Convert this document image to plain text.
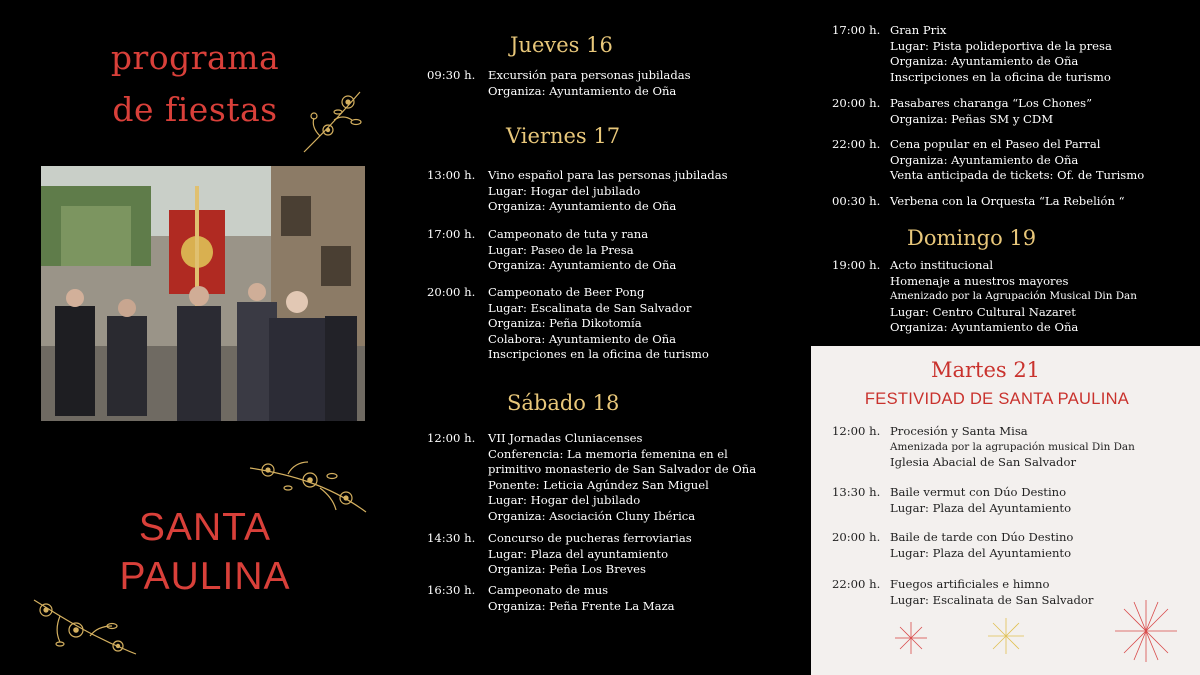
programa
de fiestas
SANTA
PAULINA
Jueves 16
09:30 h. Excursión para personas jubiladas
Organiza: Ayuntamiento de Oña
Viernes 17
13:00 h. Vino español para las personas jubiladas
Lugar: Hogar del jubilado
Organiza: Ayuntamiento de Oña
17:00 h. Campeonato de tuta y rana
Lugar: Paseo de la Presa
Organiza: Ayuntamiento de Oña
20:00 h. Campeonato de Beer Pong
Lugar: Escalinata de San Salvador
Organiza: Peña Dikotomía
Colabora: Ayuntamiento de Oña
Inscripciones en la oficina de turismo
Sábado 18
12:00 h. VII Jornadas Cluniacenses
Conferencia: La memoria femenina en el
primitivo monasterio de San Salvador de Oña
Ponente: Leticia Agúndez San Miguel
Lugar: Hogar del jubilado
Organiza: Asociación Cluny Ibérica
14:30 h. Concurso de pucheras ferroviarias
Lugar: Plaza del ayuntamiento
Organiza: Peña Los Breves
16:30 h. Campeonato de mus
Organiza: Peña Frente La Maza
17:00 h. Gran Prix
Lugar: Pista polideportiva de la presa
Organiza: Ayuntamiento de Oña
Inscripciones en la oficina de turismo
20:00 h. Pasabares charanga “Los Chones”
Organiza: Peñas SM y CDM
22:00 h. Cena popular en el Paseo del Parral
Organiza: Ayuntamiento de Oña
Venta anticipada de tickets: Of. de Turismo
00:30 h. Verbena con la Orquesta “La Rebelión “
Domingo 19
19:00 h. Acto institucional
Homenaje a nuestros mayores
Amenizado por la Agrupación Musical Din Dan
Lugar: Centro Cultural Nazaret
Organiza: Ayuntamiento de Oña
Martes 21
FESTIVIDAD DE SANTA PAULINA
12:00 h. Procesión y Santa Misa
Amenizada por la agrupación musical Din Dan
Iglesia Abacial de San Salvador
13:30 h. Baile vermut con Dúo Destino
Lugar: Plaza del Ayuntamiento
20:00 h. Baile de tarde con Dúo Destino
Lugar: Plaza del Ayuntamiento
22:00 h. Fuegos artificiales e himno
Lugar: Escalinata de San Salvador
